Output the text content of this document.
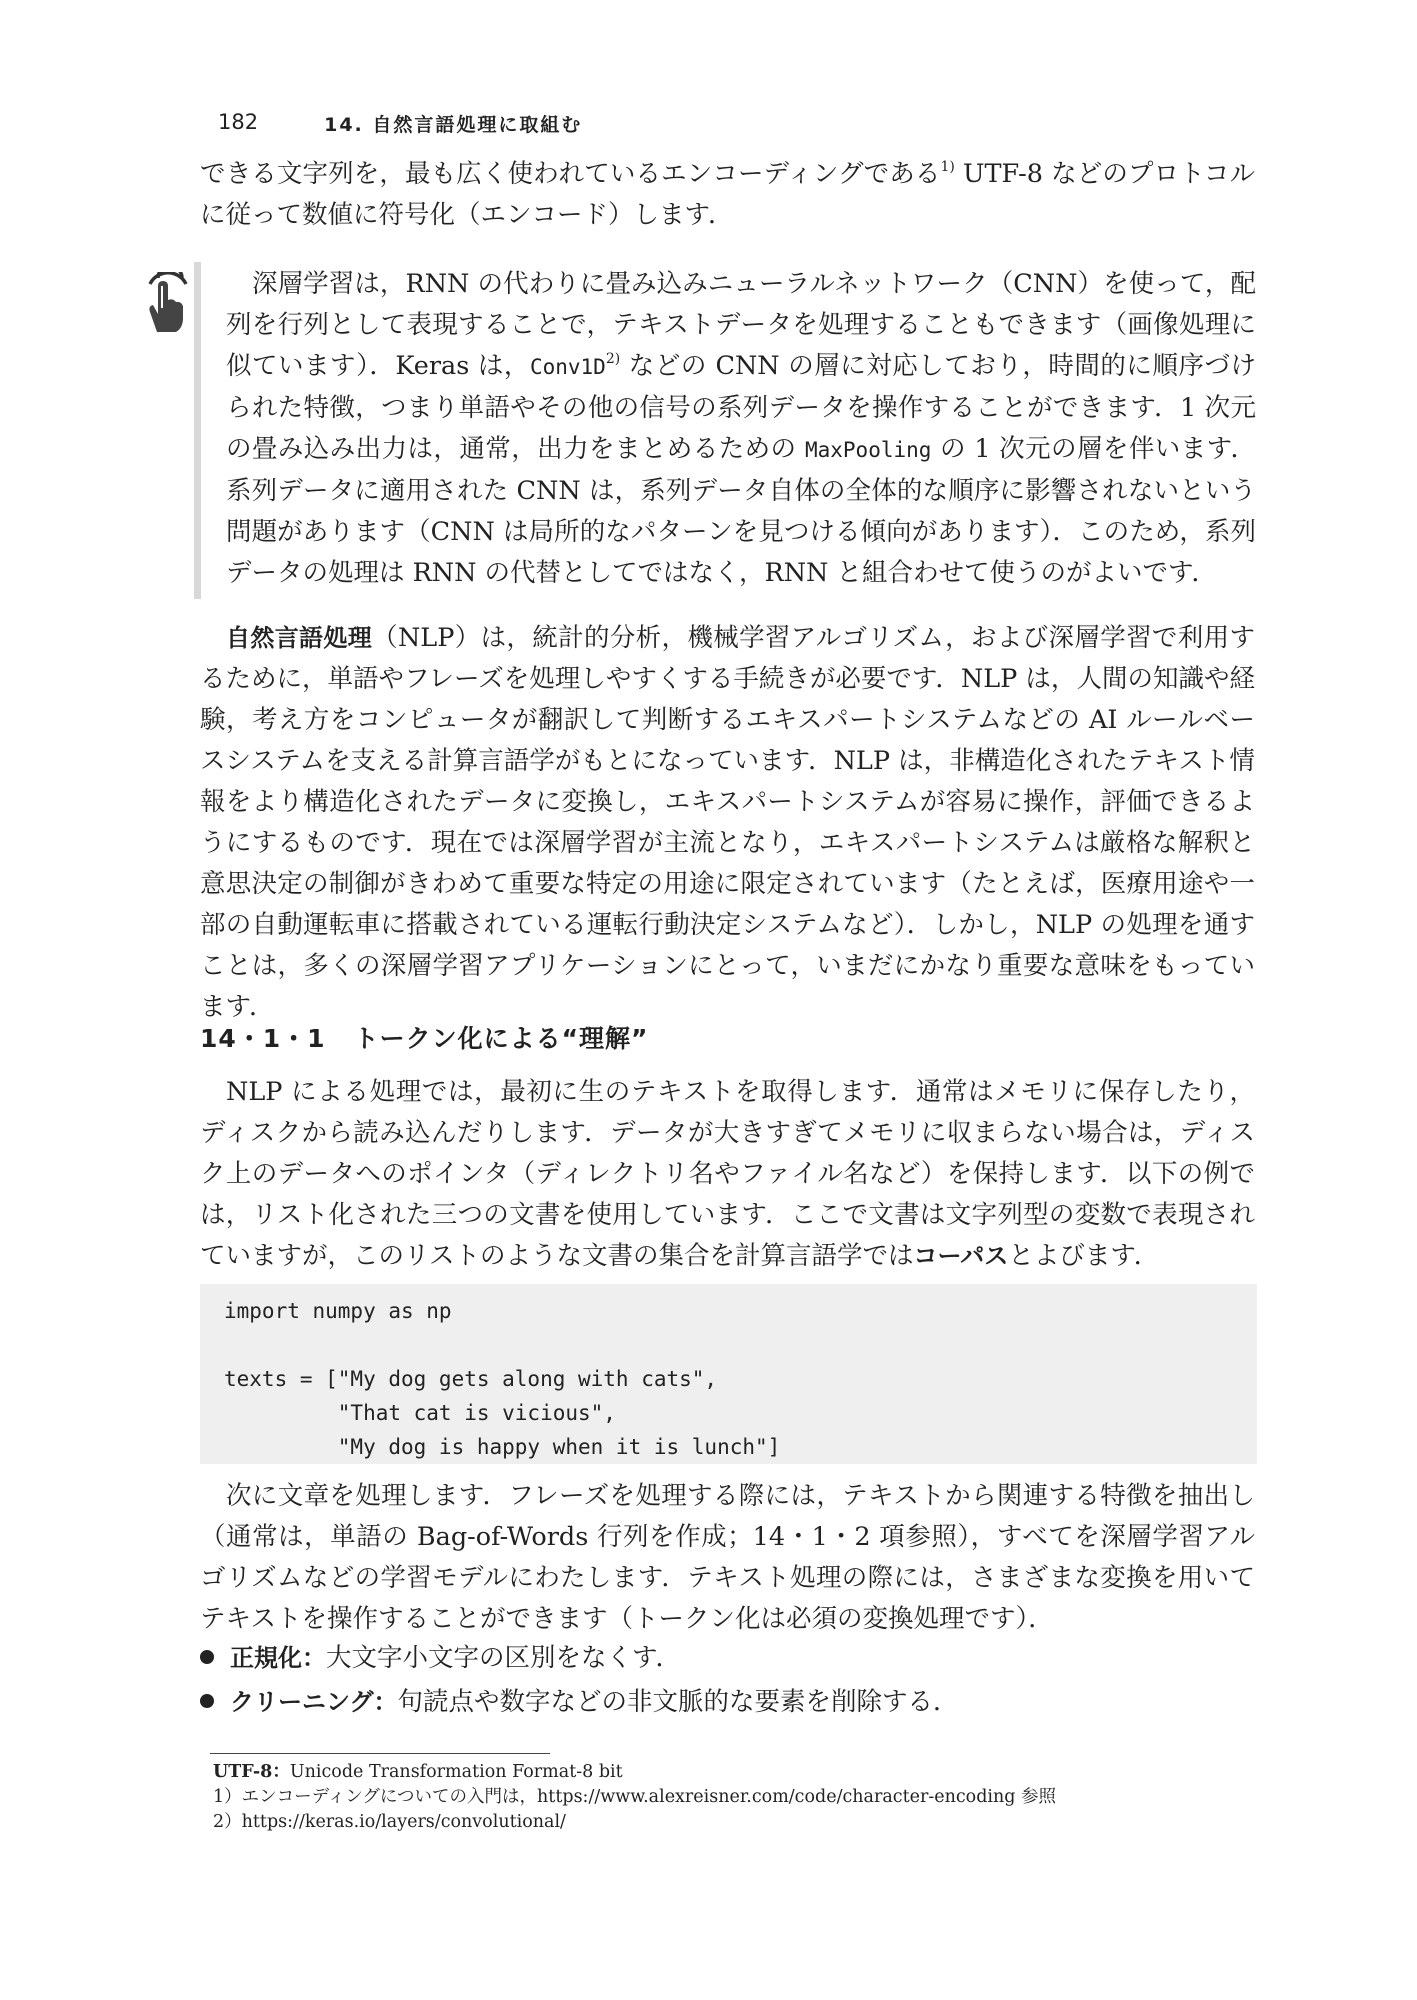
182	14. 自然言語処理に取組む
できる文字列を，最も広く使われているエンコーディングである$^{1)}$ UTF-8 などのプロトコルに従って数値に符号化（エンコード）します．
深層学習は，RNN の代わりに畳み込みニューラルネットワーク（CNN）を使って，配列を行列として表現することで，テキストデータを処理することもできます（画像処理に似ています）．Keras は，$Conv1D^{2)}$ などの CNN の層に対応しており，時間的に順序づけられた特徴，つまり単語やその他の信号の系列データを操作することができます．1 次元の畳み込み出力は，通常，出力をまとめるための MaxPooling の 1 次元の層を伴います．系列データに適用された CNN は，系列データ自体の全体的な順序に影響されないという問題があります（CNN は局所的なパターンを見つける傾向があります）．このため，系列データの処理は RNN の代替としてではなく，RNN と組合わせて使うのがよいです．
自然言語処理（NLP）は，統計的分析，機械学習アルゴリズム，および深層学習で利用するために，単語やフレーズを処理しやすくする手続きが必要です．NLP は，人間の知識や経験，考え方をコンピュータが翻訳して判断するエキスパートシステムなどの AI ルールベースシステムを支える計算言語学がもとになっています．NLP は，非構造化されたテキスト情報をより構造化されたデータに変換し，エキスパートシステムが容易に操作，評価できるようにするものです．現在では深層学習が主流となり，エキスパートシステムは厳格な解釈と意思決定の制御がきわめて重要な特定の用途に限定されています（たとえば，医療用途や一部の自動運転車に搭載されている運転行動決定システムなど）．しかし，NLP の処理を通すことは，多くの深層学習アプリケーションにとって，いまだにかなり重要な意味をもっています．
14・1・1 トークン化による“理解”
NLP による処理では，最初に生のテキストを取得します．通常はメモリに保存したり，ディスクから読み込んだりします．データが大きすぎてメモリに収まらない場合は，ディスク上のデータへのポインタ（ディレクトリ名やファイル名など）を保持します．以下の例では，リスト化された三つの文書を使用しています．ここで文書は文字列型の変数で表現されていますが，このリストのような文書の集合を計算言語学ではコーパスとよびます．
import numpy as np

texts = ["My dog gets along with cats",
"That cat is vicious",
"My dog is happy when it is lunch"]
次に文章を処理します．フレーズを処理する際には，テキストから関連する特徴を抽出し（通常は，単語の Bag-of-Words 行列を作成；14・1・2 項参照），すべてを深層学習アルゴリズムなどの学習モデルにわたします．テキスト処理の際には，さまざまな変換を用いてテキストを操作することができます（トークン化は必須の変換処理です）．
正規化：大文字小文字の区別をなくす．
クリーニング：句読点や数字などの非文脈的な要素を削除する．
UTF-8：Unicode Transformation Format-8 bit
1）エンコーディングについての入門は，https://www.alexreisner.com/code/character-encoding 参照
2）https://keras.io/layers/convolutional/
